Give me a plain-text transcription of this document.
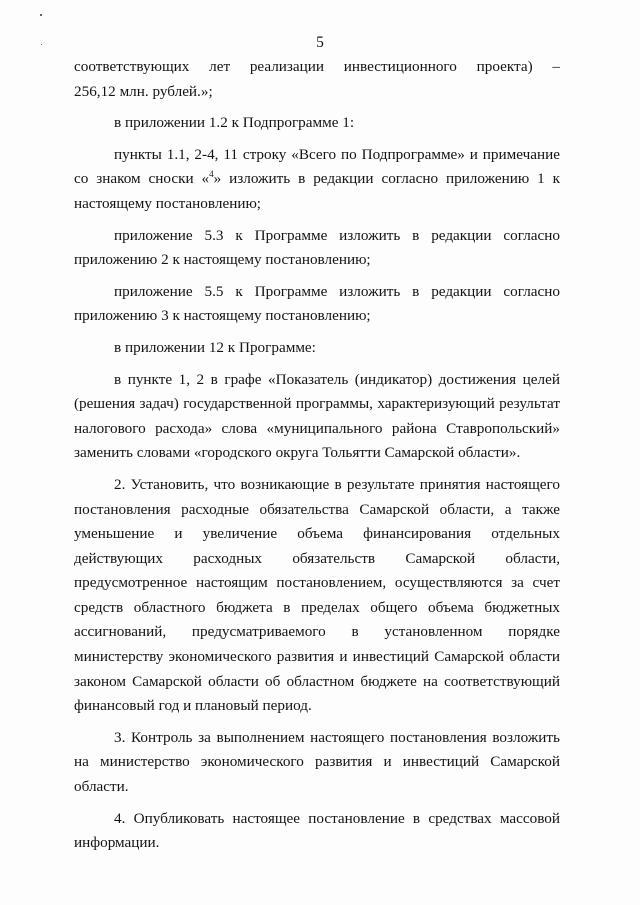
5
соответствующих лет реализации инвестиционного проекта) –

256,12 млн. рублей.»;

в приложении 1.2 к Подпрограмме 1:

пункты 1.1, 2-4, 11 строку «Всего по Подпрограмме» и примечание со знаком сноски «$^4$» изложить в редакции согласно приложению 1 к настоящему постановлению;

приложение 5.3 к Программе изложить в редакции согласно приложению 2 к настоящему постановлению;

приложение 5.5 к Программе изложить в редакции согласно приложению 3 к настоящему постановлению;

в приложении 12 к Программе:

в пункте 1, 2 в графе «Показатель (индикатор) достижения целей (решения задач) государственной программы, характеризующий результат налогового расхода» слова «муниципального района Ставропольский» заменить словами «городского округа Тольятти Самарской области».

2. Установить, что возникающие в результате принятия настоящего постановления расходные обязательства Самарской области, а также уменьшение и увеличение объема финансирования отдельных действующих расходных обязательств Самарской области, предусмотренное настоящим постановлением, осуществляются за счет средств областного бюджета в пределах общего объема бюджетных ассигнований, предусматриваемого в установленном порядке министерству экономического развития и инвестиций Самарской области законом Самарской области об областном бюджете на соответствующий финансовый год и плановый период.

3. Контроль за выполнением настоящего постановления возложить на министерство экономического развития и инвестиций Самарской области.

4. Опубликовать настоящее постановление в средствах массовой информации.
